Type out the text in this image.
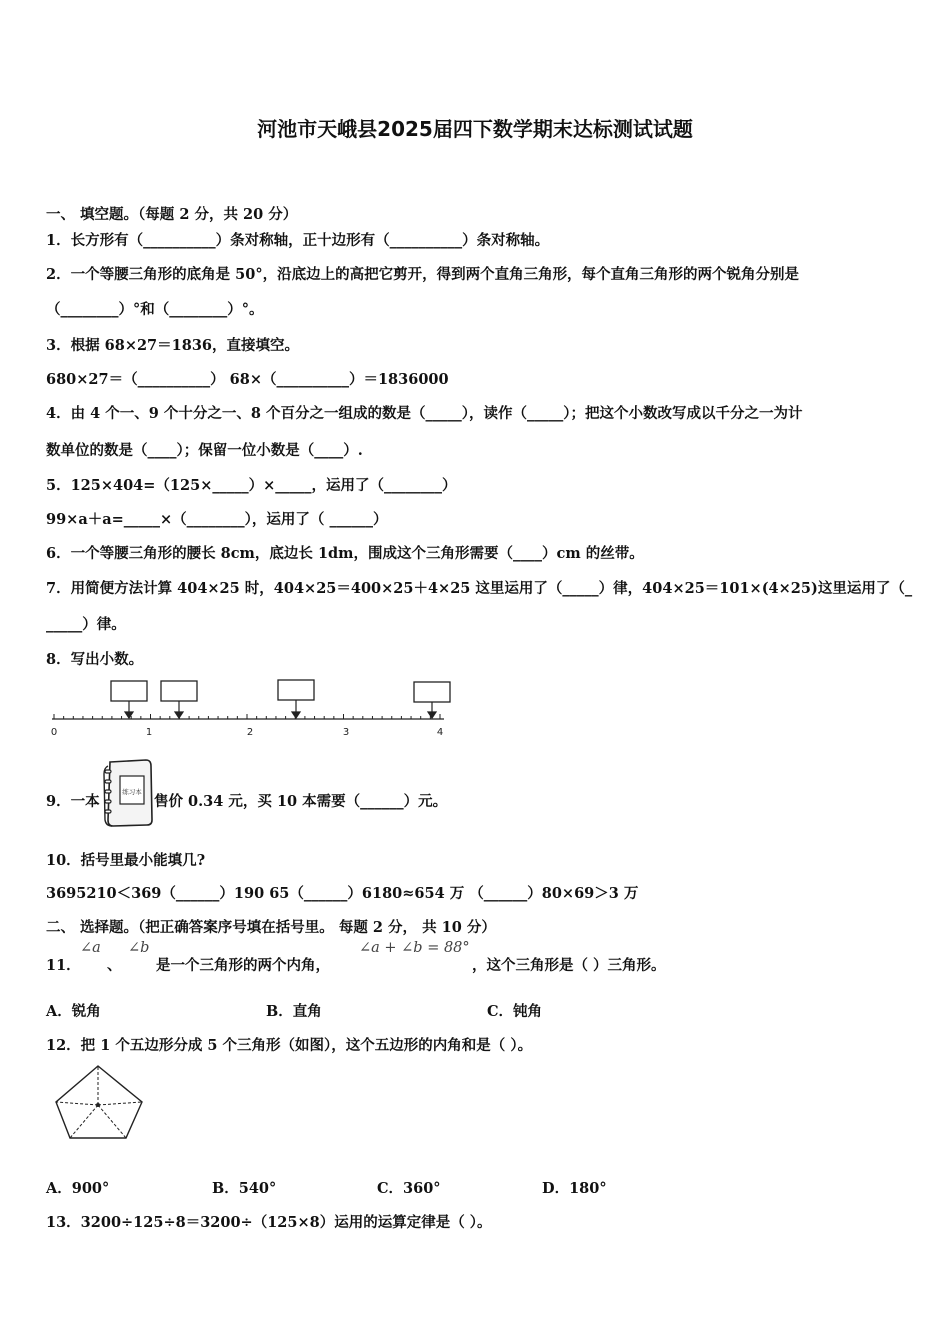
河池市天峨县2025届四下数学期末达标测试试题
一、 填空题。（每题 2 分，共 20 分）
1．长方形有（__________）条对称轴，正十边形有（__________）条对称轴。
2．一个等腰三角形的底角是 50°，沿底边上的高把它剪开，得到两个直角三角形，每个直角三角形的两个锐角分别是
（________）°和（________）°。
3．根据 68×27＝1836，直接填空。
680×27＝（__________） 68×（__________）＝1836000
4．由 4 个一、9 个十分之一、8 个百分之一组成的数是（_____），读作（_____）；把这个小数改写成以千分之一为计
数单位的数是（____）；保留一位小数是（____）.
5．125×404=（125×_____）×_____，运用了（________）
99×a＋a=_____×（________），运用了（ ______）
6．一个等腰三角形的腰长 8cm，底边长 1dm，围成这个三角形需要（____）cm 的丝带。
7．用简便方法计算 404×25 时，404×25＝400×25＋4×25 这里运用了（_____）律，404×25＝101×(4×25)这里运用了（_
_____）律。
8．写出小数。
0	1	2	3	4
9．一本
练习本
售价 0.34 元，买 10 本需要（______）元。
10．括号里最小能填几?
3695210＜369（______）190 65（______）6180≈654 万 （______）80×69＞3 万
二、 选择题。（把正确答案序号填在括号里。 每题 2 分， 共 10 分）
11．
∠a
、
∠b
是一个三角形的两个内角，
∠a + ∠b = 88°
，这个三角形是（ ）三角形。
A．锐角	B．直角	C．钝角
12．把 1 个五边形分成 5 个三角形（如图），这个五边形的内角和是（ ）。
A．900°	B．540°	C．360°	D．180°
13．3200÷125÷8＝3200÷（125×8）运用的运算定律是（ ）。
